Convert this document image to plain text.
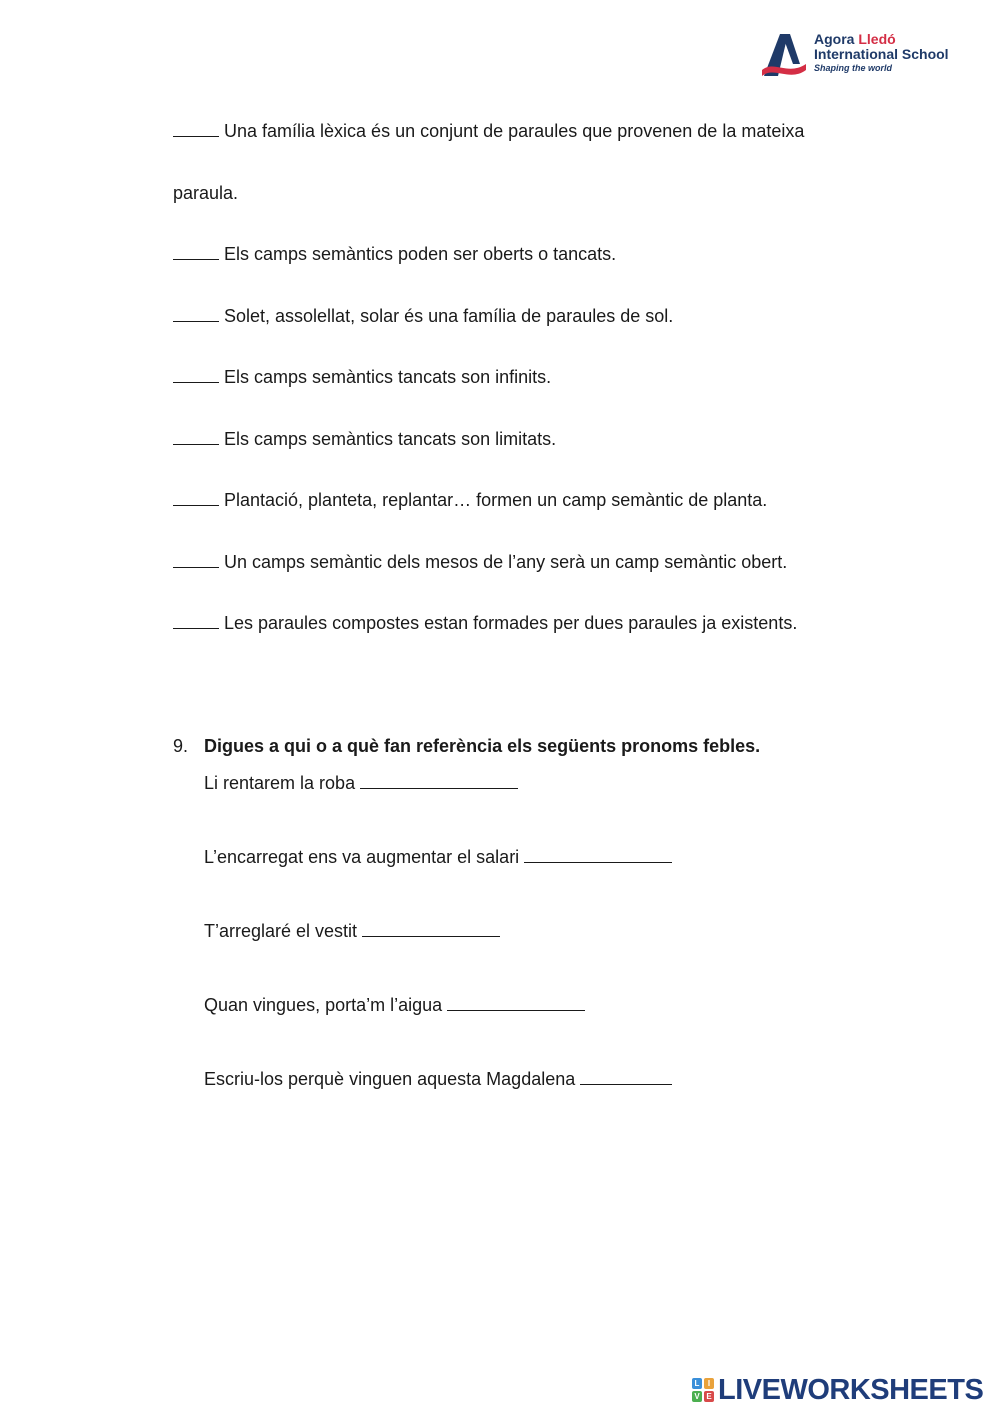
Agora Lledó
International School
Shaping the world
Una família lèxica és un conjunt de paraules que provenen de la mateixa
paraula.
Els camps semàntics poden ser oberts o tancats.
Solet, assolellat, solar és una família de paraules de sol.
Els camps semàntics tancats son infinits.
Els camps semàntics tancats son limitats.
Plantació, planteta, replantar… formen un camp semàntic de planta.
Un camps semàntic dels mesos de l’any serà un camp semàntic obert.
Les paraules compostes estan formades per dues paraules ja existents.
9. Digues a qui o a què fan referència els següents pronoms febles.
Li rentarem la roba
L’encarregat ens va augmentar el salari
T’arreglaré el vestit
Quan vingues, porta’m l’aigua
Escriu-los perquè vinguen aquesta Magdalena
L	I
V E LIVEWORKSHEETS
